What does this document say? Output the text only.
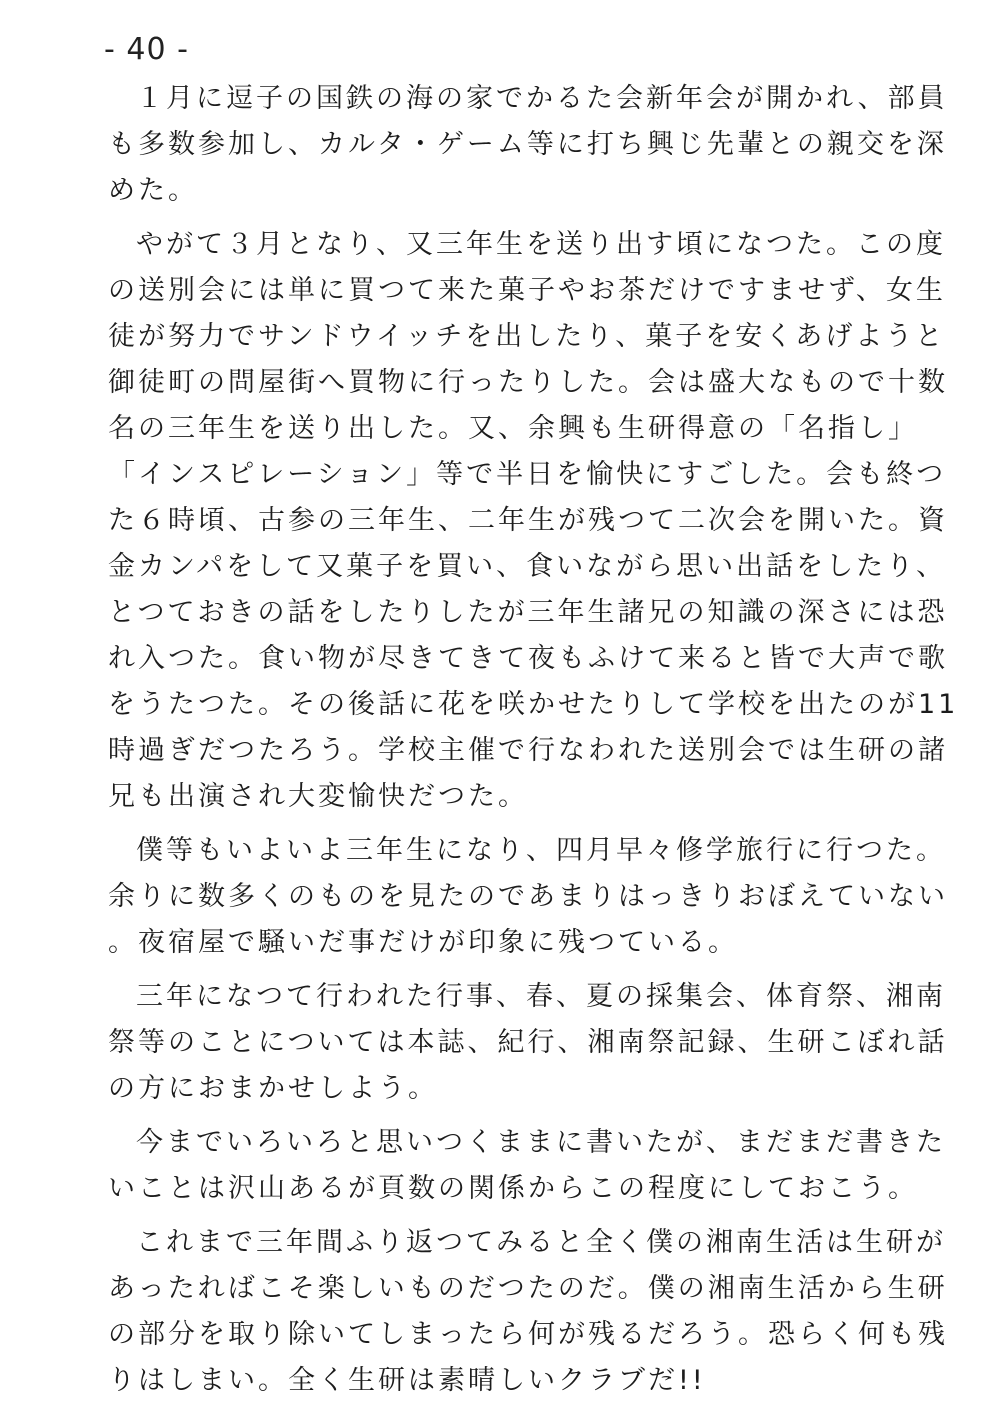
- 40 -
１月に逗子の国鉄の海の家でかるた会新年会が開かれ、部員
も多数参加し、カルタ・ゲーム等に打ち興じ先輩との親交を深
めた。
やがて３月となり、又三年生を送り出す頃になつた。この度
の送別会には単に買つて来た菓子やお茶だけですませず、女生
徒が努力でサンドウイッチを出したり、菓子を安くあげようと
御徒町の問屋街へ買物に行ったりした。会は盛大なもので十数
名の三年生を送り出した。又、余興も生研得意の「名指し」
「インスピレーション」等で半日を愉快にすごした。会も終つ
た６時頃、古参の三年生、二年生が残つて二次会を開いた。資
金カンパをして又菓子を買い、食いながら思い出話をしたり、
とつておきの話をしたりしたが三年生諸兄の知識の深さには恐
れ入つた。食い物が尽きてきて夜もふけて来ると皆で大声で歌
をうたつた。その後話に花を咲かせたりして学校を出たのが11
時過ぎだつたろう。学校主催で行なわれた送別会では生研の諸
兄も出演され大変愉快だつた。
僕等もいよいよ三年生になり、四月早々修学旅行に行つた。
余りに数多くのものを見たのであまりはっきりおぼえていない
。夜宿屋で騒いだ事だけが印象に残つている。
三年になつて行われた行事、春、夏の採集会、体育祭、湘南
祭等のことについては本誌、紀行、湘南祭記録、生研こぼれ話
の方におまかせしよう。
今までいろいろと思いつくままに書いたが、まだまだ書きた
いことは沢山あるが頁数の関係からこの程度にしておこう。
これまで三年間ふり返つてみると全く僕の湘南生活は生研が
あったればこそ楽しいものだつたのだ。僕の湘南生活から生研
の部分を取り除いてしまったら何が残るだろう。恐らく何も残
りはしまい。全く生研は素晴しいクラブだ!!
